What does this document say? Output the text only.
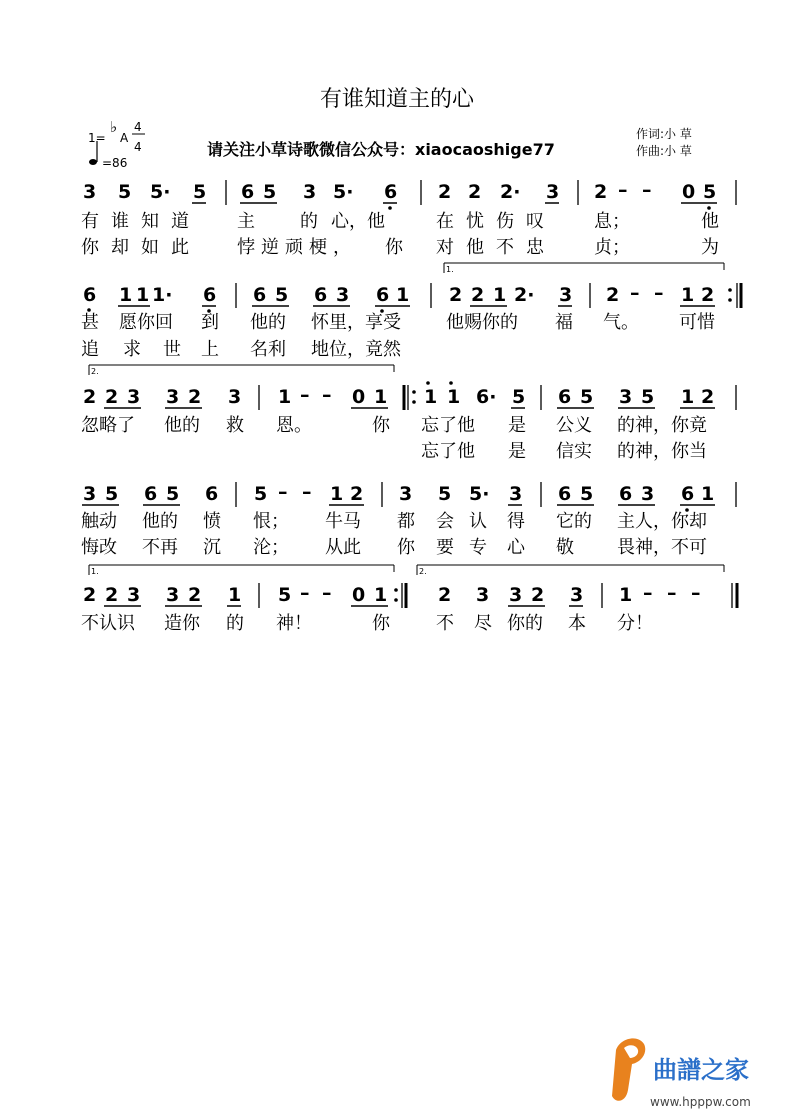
有谁知道主的心
1=
♭
A
4
4
=86
请关注小草诗歌微信公众号：xiaocaoshige77
作词:小 草
作曲:小 草
3 5 5· 5 6 5 3 5· 6 2 2 2· 3 2 – – 0 5
有谁知道 主	的 心，他	在忧伤叹 息；	他
你却如此 悖逆顽梗， 你 对他不忠 贞；	为
1.
6 1 1 1· 6 6 5 6 3 6 1 2 2 1 2· 3 2 – – 1 2
甚 愿你回 到 他的 怀里，享受	他赐你的 福 气。 可惜
追 求 世 上 名利 地位，竟然
2.
2 2 3 3 2 3 1 – – 0 1 1 1 6· 5 6 5 3 5 1 2
忽略了 他的 救 恩。	你 忘了他 是 公义 的神，你竟
忘了他 是 信实 的神，你当
3 5 6 5 6 5 – – 1 2 3 5 5· 3 6 5 6 3 6 1
触动 他的 愤 恨； 牛马 都 会 认 得 它的 主人，你却
悔改 不再 沉 沦； 从此 你 要 专 心 敬 畏神，不可
1.	2.
2 2 3 3 2 1 5 – – 0 1	2 3 3 2 3 1 – – –
不认识 造你 的 神！	你	不 尽 你的 本 分！
曲譜之家
www.hpppw.com
